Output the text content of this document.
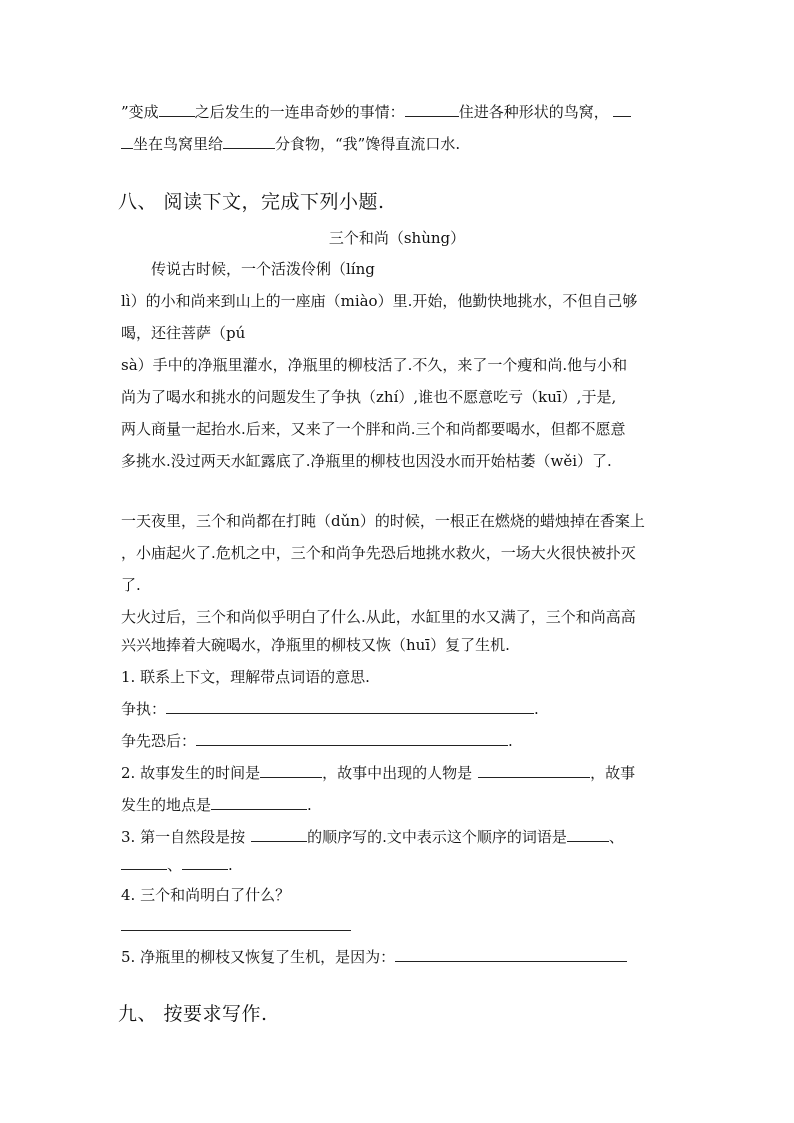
”变成 之后发生的一连串奇妙的事情：	住进各种形状的鸟窝，
坐在鸟窝里给	分食物，“我”馋得直流口水.
八、 阅读下文，完成下列小题.
三个和尚（shùng）
传说古时候，一个活泼伶俐（líng
lì）的小和尚来到山上的一座庙（miào）里.开始，他勤快地挑水，不但自己够
喝，还往菩萨（pú
sà）手中的净瓶里灌水，净瓶里的柳枝活了.不久，来了一个瘦和尚.他与小和
尚为了喝水和挑水的问题发生了争执（zhí）,谁也不愿意吃亏（kuī）,于是,
两人商量一起抬水.后来，又来了一个胖和尚.三个和尚都要喝水，但都不愿意
多挑水.没过两天水缸露底了.净瓶里的柳枝也因没水而开始枯萎（wěi）了.
一天夜里，三个和尚都在打盹（dǔn）的时候，一根正在燃烧的蜡烛掉在香案上
，小庙起火了.危机之中，三个和尚争先恐后地挑水救火，一场大火很快被扑灭
了.
大火过后，三个和尚似乎明白了什么.从此，水缸里的水又满了，三个和尚高高
兴兴地捧着大碗喝水，净瓶里的柳枝又恢（huī）复了生机.
1. 联系上下文，理解带点词语的意思.
争执：	.
争先恐后：	.
2. 故事发生的时间是	，故事中出现的人物是	，故事
发生的地点是	.
3. 第一自然段是按	的顺序写的.文中表示这个顺序的词语是	、
、	.
4. 三个和尚明白了什么？
5. 净瓶里的柳枝又恢复了生机，是因为：
九、 按要求写作.
